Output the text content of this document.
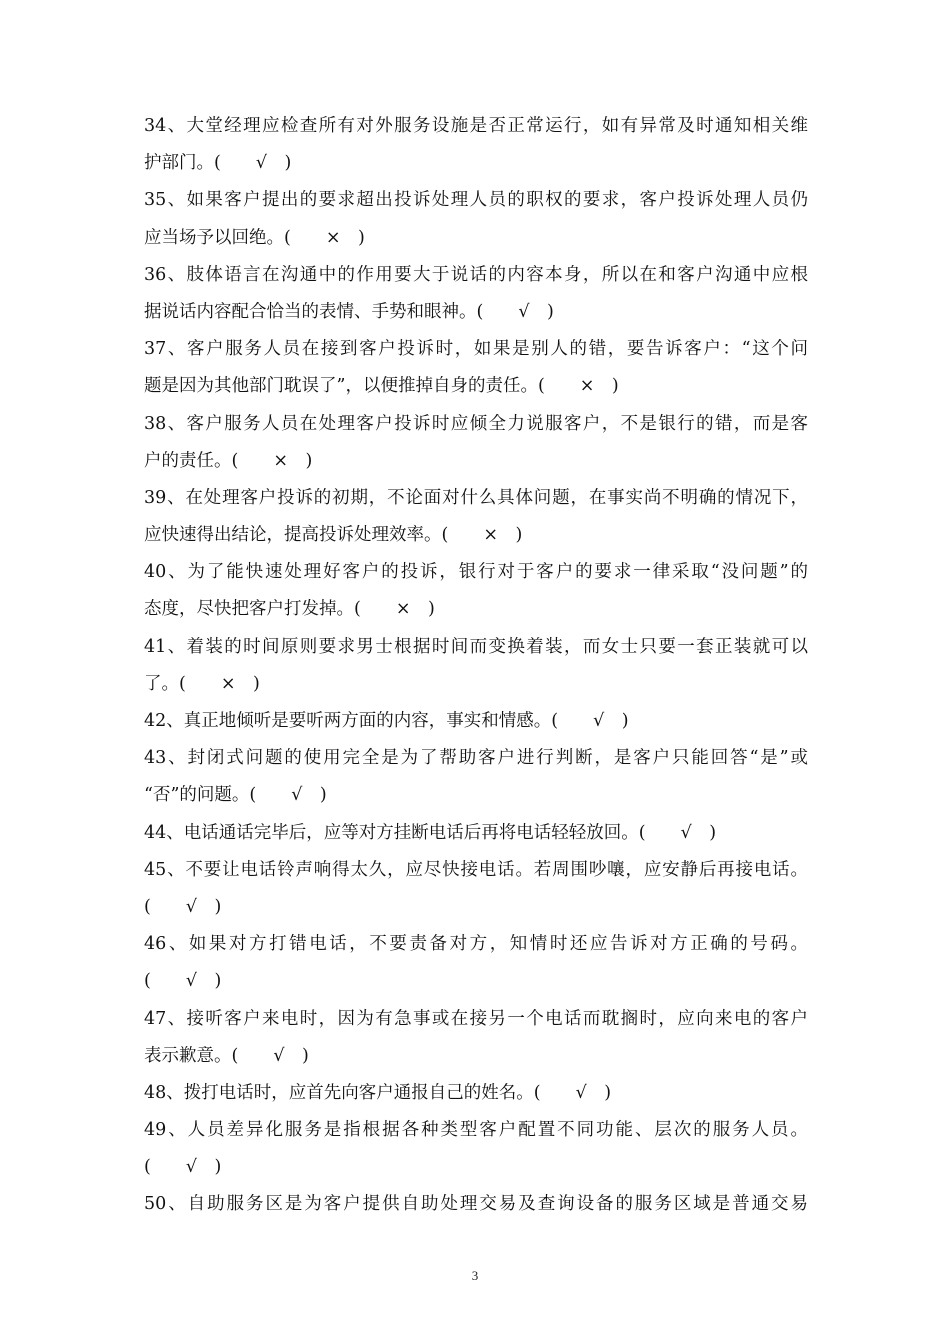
34、大堂经理应检查所有对外服务设施是否正常运行，如有异常及时通知相关维
护部门。(　　√　)
35、如果客户提出的要求超出投诉处理人员的职权的要求，客户投诉处理人员仍
应当场予以回绝。(　　×　)
36、肢体语言在沟通中的作用要大于说话的内容本身，所以在和客户沟通中应根
据说话内容配合恰当的表情、手势和眼神。(　　√　)
37、客户服务人员在接到客户投诉时，如果是别人的错，要告诉客户：“这个问
题是因为其他部门耽误了”，以便推掉自身的责任。(　　×　)
38、客户服务人员在处理客户投诉时应倾全力说服客户，不是银行的错，而是客
户的责任。(　　×　)
39、在处理客户投诉的初期，不论面对什么具体问题，在事实尚不明确的情况下，
应快速得出结论，提高投诉处理效率。(　　×　)
40、为了能快速处理好客户的投诉，银行对于客户的要求一律采取“没问题”的
态度，尽快把客户打发掉。(　　×　)
41、着装的时间原则要求男士根据时间而变换着装，而女士只要一套正装就可以
了。(　　×　)
42、真正地倾听是要听两方面的内容，事实和情感。(　　√　)
43、封闭式问题的使用完全是为了帮助客户进行判断，是客户只能回答“是”或
“否”的问题。(　　√　)
44、电话通话完毕后，应等对方挂断电话后再将电话轻轻放回。(　　√　)
45、不要让电话铃声响得太久，应尽快接电话。若周围吵嚷，应安静后再接电话。
(　　√　)
46、如果对方打错电话，不要责备对方，知情时还应告诉对方正确的号码。
(　　√　)
47、接听客户来电时，因为有急事或在接另一个电话而耽搁时，应向来电的客户
表示歉意。(　　√　)
48、拨打电话时，应首先向客户通报自己的姓名。(　　√　)
49、人员差异化服务是指根据各种类型客户配置不同功能、层次的服务人员。
(　　√　)
50、自助服务区是为客户提供自助处理交易及查询设备的服务区域是普通交易
3
